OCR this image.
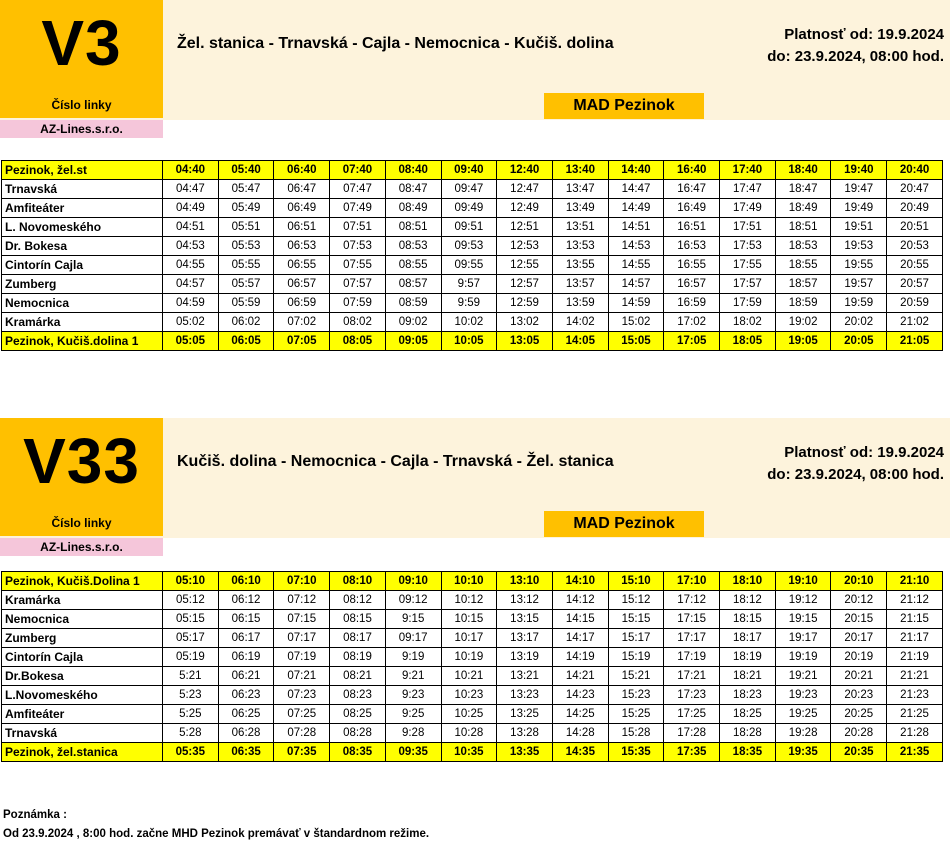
V3
Číslo linky
Žel. stanica - Trnavská - Cajla - Nemocnica - Kučiš. dolina
Platnosť od: 19.9.2024
do: 23.9.2024, 08:00 hod.
MAD Pezinok
AZ-Lines.s.r.o.
Pezinok, žel.st	04:40	05:40	06:40	07:40	08:40	09:40	12:40	13:40	14:40	16:40	17:40	18:40	19:40	20:40
Trnavská	04:47	05:47	06:47	07:47	08:47	09:47	12:47	13:47	14:47	16:47	17:47	18:47	19:47	20:47
Amfiteáter	04:49	05:49	06:49	07:49	08:49	09:49	12:49	13:49	14:49	16:49	17:49	18:49	19:49	20:49
L. Novomeského	04:51	05:51	06:51	07:51	08:51	09:51	12:51	13:51	14:51	16:51	17:51	18:51	19:51	20:51
Dr. Bokesa	04:53	05:53	06:53	07:53	08:53	09:53	12:53	13:53	14:53	16:53	17:53	18:53	19:53	20:53
Cintorín Cajla	04:55	05:55	06:55	07:55	08:55	09:55	12:55	13:55	14:55	16:55	17:55	18:55	19:55	20:55
Zumberg	04:57	05:57	06:57	07:57	08:57	9:57	12:57	13:57	14:57	16:57	17:57	18:57	19:57	20:57
Nemocnica	04:59	05:59	06:59	07:59	08:59	9:59	12:59	13:59	14:59	16:59	17:59	18:59	19:59	20:59
Kramárka	05:02	06:02	07:02	08:02	09:02	10:02	13:02	14:02	15:02	17:02	18:02	19:02	20:02	21:02
Pezinok, Kučiš.dolina 1	05:05	06:05	07:05	08:05	09:05	10:05	13:05	14:05	15:05	17:05	18:05	19:05	20:05	21:05
V33
Číslo linky
Kučiš. dolina - Nemocnica - Cajla - Trnavská - Žel. stanica
Platnosť od: 19.9.2024
do: 23.9.2024, 08:00 hod.
MAD Pezinok
AZ-Lines.s.r.o.
Pezinok, Kučiš.Dolina 1	05:10	06:10	07:10	08:10	09:10	10:10	13:10	14:10	15:10	17:10	18:10	19:10	20:10	21:10
Kramárka	05:12	06:12	07:12	08:12	09:12	10:12	13:12	14:12	15:12	17:12	18:12	19:12	20:12	21:12
Nemocnica	05:15	06:15	07:15	08:15	9:15	10:15	13:15	14:15	15:15	17:15	18:15	19:15	20:15	21:15
Zumberg	05:17	06:17	07:17	08:17	09:17	10:17	13:17	14:17	15:17	17:17	18:17	19:17	20:17	21:17
Cintorín Cajla	05:19	06:19	07:19	08:19	9:19	10:19	13:19	14:19	15:19	17:19	18:19	19:19	20:19	21:19
Dr.Bokesa	5:21	06:21	07:21	08:21	9:21	10:21	13:21	14:21	15:21	17:21	18:21	19:21	20:21	21:21
L.Novomeského	5:23	06:23	07:23	08:23	9:23	10:23	13:23	14:23	15:23	17:23	18:23	19:23	20:23	21:23
Amfiteáter	5:25	06:25	07:25	08:25	9:25	10:25	13:25	14:25	15:25	17:25	18:25	19:25	20:25	21:25
Trnavská	5:28	06:28	07:28	08:28	9:28	10:28	13:28	14:28	15:28	17:28	18:28	19:28	20:28	21:28
Pezinok, žel.stanica	05:35	06:35	07:35	08:35	09:35	10:35	13:35	14:35	15:35	17:35	18:35	19:35	20:35	21:35
Poznámka :
Od 23.9.2024 , 8:00 hod. začne MHD Pezinok premávať v štandardnom režime.
